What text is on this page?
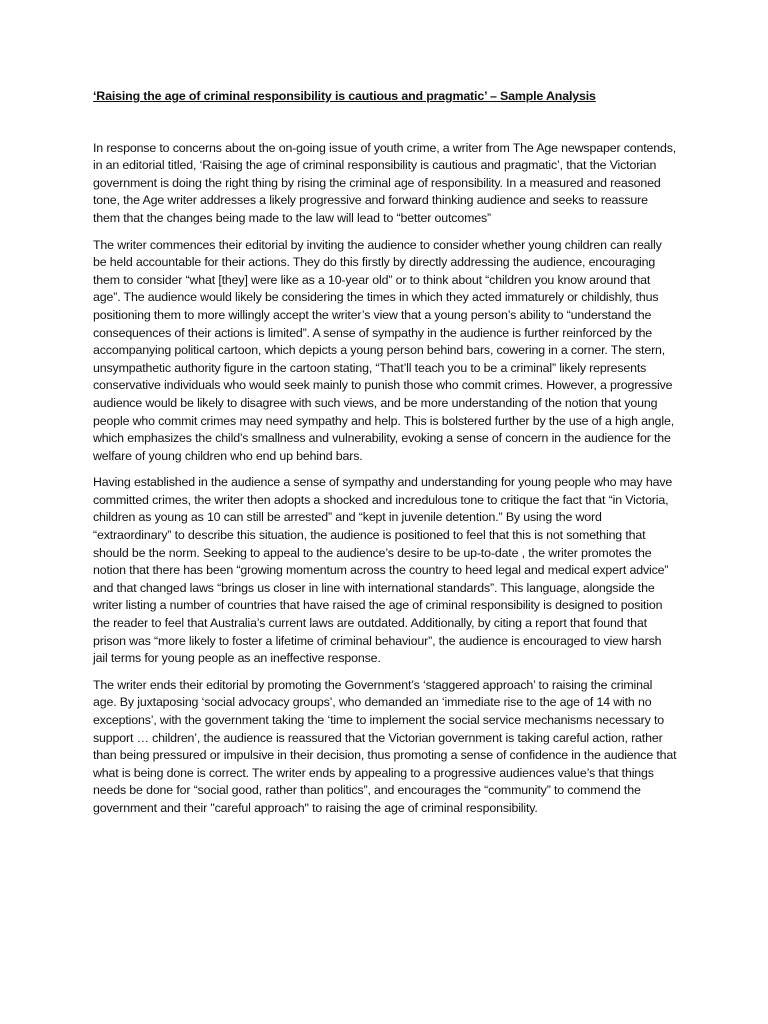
‘Raising the age of criminal responsibility is cautious and pragmatic’ – Sample Analysis

In response to concerns about the on-going issue of youth crime, a writer from The Age newspaper contends, in an editorial titled, ‘Raising the age of criminal responsibility is cautious and pragmatic’, that the Victorian government is doing the right thing by rising the criminal age of responsibility. In a measured and reasoned tone, the Age writer addresses a likely progressive and forward thinking audience and seeks to reassure them that the changes being made to the law will lead to “better outcomes”

The writer commences their editorial by inviting the audience to consider whether young children can really be held accountable for their actions. They do this firstly by directly addressing the audience, encouraging them to consider “what [they] were like as a 10-year old” or to think about “children you know around that age”. The audience would likely be considering the times in which they acted immaturely or childishly, thus positioning them to more willingly accept the writer’s view that a young person’s ability to “understand the consequences of their actions is limited”. A sense of sympathy in the audience is further reinforced by the accompanying political cartoon, which depicts a young person behind bars, cowering in a corner. The stern, unsympathetic authority figure in the cartoon stating, “That’ll teach you to be a criminal” likely represents conservative individuals who would seek mainly to punish those who commit crimes. However, a progressive audience would be likely to disagree with such views, and be more understanding of the notion that young people who commit crimes may need sympathy and help. This is bolstered further by the use of a high angle, which emphasizes the child’s smallness and vulnerability, evoking a sense of concern in the audience for the welfare of young children who end up behind bars.

Having established in the audience a sense of sympathy and understanding for young people who may have committed crimes, the writer then adopts a shocked and incredulous tone to critique the fact that “in Victoria, children as young as 10 can still be arrested” and “kept in juvenile detention.” By using the word “extraordinary” to describe this situation, the audience is positioned to feel that this is not something that should be the norm. Seeking to appeal to the audience’s desire to be up-to-date , the writer promotes the notion that there has been “growing momentum across the country to heed legal and medical expert advice” and that changed laws “brings us closer in line with international standards”. This language, alongside the writer listing a number of countries that have raised the age of criminal responsibility is designed to position the reader to feel that Australia’s current laws are outdated. Additionally, by citing a report that found that prison was “more likely to foster a lifetime of criminal behaviour”, the audience is encouraged to view harsh jail terms for young people as an ineffective response.

The writer ends their editorial by promoting the Government’s ‘staggered approach’ to raising the criminal age. By juxtaposing ‘social advocacy groups’, who demanded an ‘immediate rise to the age of 14 with no exceptions’, with the government taking the ‘time to implement the social service mechanisms necessary to support … children’, the audience is reassured that the Victorian government is taking careful action, rather than being pressured or impulsive in their decision, thus promoting a sense of confidence in the audience that what is being done is correct. The writer ends by appealing to a progressive audiences value’s that things needs be done for “social good, rather than politics”, and encourages the “community” to commend the government and their "careful approach" to raising the age of criminal responsibility.
